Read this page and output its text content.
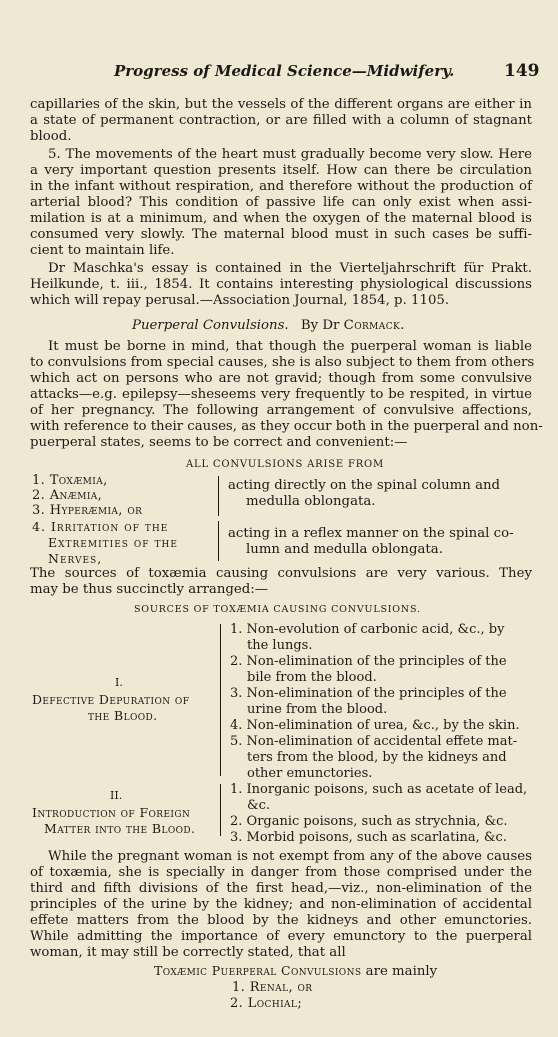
Progress of Medical Science—Midwifery.	149
capillaries of the skin, but the vessels of the different organs are either in
a state of permanent contraction, or are filled with a column of stagnant
blood.
5. The movements of the heart must gradually become very slow. Here
a very important question presents itself. How can there be circulation
in the infant without respiration, and therefore without the production of
arterial blood? This condition of passive life can only exist when assi-
milation is at a minimum, and when the oxygen of the maternal blood is
consumed very slowly. The maternal blood must in such cases be suffi-
cient to maintain life.
Dr Maschka's essay is contained in the Vierteljahrschrift für Prakt.
Heilkunde, t. iii., 1854. It contains interesting physiological discussions
which will repay perusal.—Association Journal, 1854, p. 1105.
Puerperal Convulsions. By Dr Cormack.
It must be borne in mind, that though the puerperal woman is liable
to convulsions from special causes, she is also subject to them from others
which act on persons who are not gravid; though from some convulsive
attacks—e.g. epilepsy—sheseems very frequently to be respited, in virtue
of her pregnancy. The following arrangement of convulsive affections,
with reference to their causes, as they occur both in the puerperal and non-
puerperal states, seems to be correct and convenient:—
ALL CONVULSIONS ARISE FROM
1. Toxæmia,
2. Anæmia,
3. Hyperæmia, or
acting directly on the spinal column and
medulla oblongata.
4. Irritation of the
Extremities of the
Nerves,
acting in a reflex manner on the spinal co-
lumn and medulla oblongata.
The sources of toxæmia causing convulsions are very various. They
may be thus succinctly arranged:—
SOURCES OF TOXÆMIA CAUSING CONVULSIONS.
I.
Defective Depuration of
the Blood.
1. Non-evolution of carbonic acid, &c., by
the lungs.
2. Non-elimination of the principles of the
bile from the blood.
3. Non-elimination of the principles of the
urine from the blood.
4. Non-elimination of urea, &c., by the skin.
5. Non-elimination of accidental effete mat-
ters from the blood, by the kidneys and
other emunctories.
II.
Introduction of Foreign
Matter into the Blood.
1. Inorganic poisons, such as acetate of lead,
&c.
2. Organic poisons, such as strychnia, &c.
3. Morbid poisons, such as scarlatina, &c.
While the pregnant woman is not exempt from any of the above causes
of toxæmia, she is specially in danger from those comprised under the
third and fifth divisions of the first head,—viz., non-elimination of the
principles of the urine by the kidney; and non-elimination of accidental
effete matters from the blood by the kidneys and other emunctories.
While admitting the importance of every emunctory to the puerperal
woman, it may still be correctly stated, that all
Toxæmic Puerperal Convulsions are mainly
1. Renal, or
2. Lochial;
